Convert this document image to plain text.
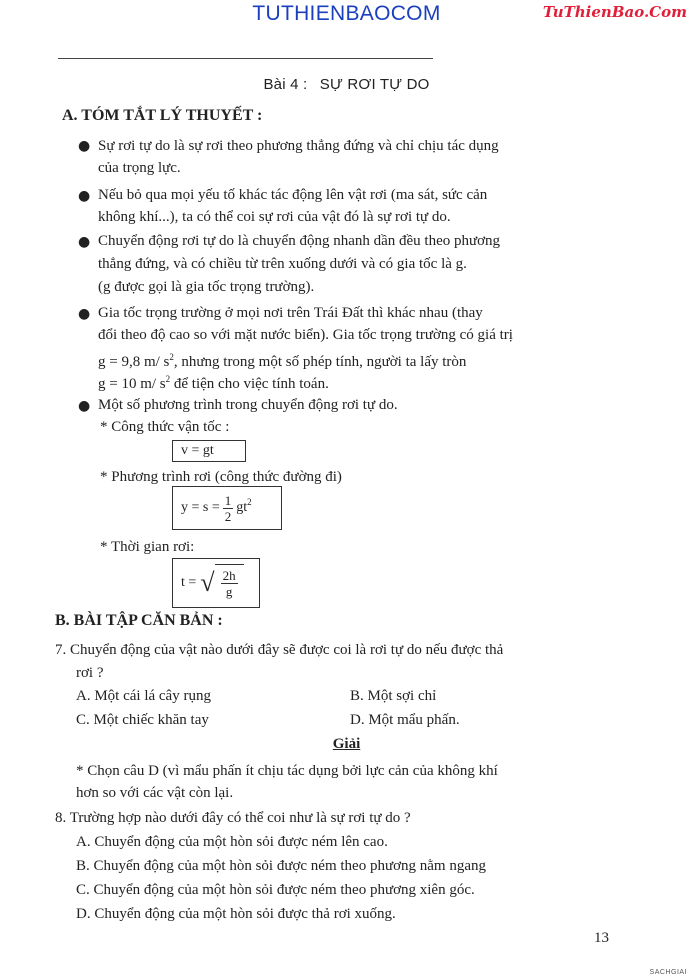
TUTHIENBAOCOM	TuThienBao.Com
Bài 4 : SỰ RƠI TỰ DO
A. TÓM TẮT LÝ THUYẾT :
● Sự rơi tự do là sự rơi theo phương thẳng đứng và chỉ chịu tác dụng
của trọng lực.
● Nếu bỏ qua mọi yếu tố khác tác động lên vật rơi (ma sát, sức cản
không khí...), ta có thể coi sự rơi của vật đó là sự rơi tự do.
● Chuyển động rơi tự do là chuyển động nhanh dần đều theo phương
thẳng đứng, và có chiều từ trên xuống dưới và có gia tốc là g.
(g được gọi là gia tốc trọng trường).
● Gia tốc trọng trường ở mọi nơi trên Trái Đất thì khác nhau (thay
đổi theo độ cao so với mặt nước biển). Gia tốc trọng trường có giá trị
g = 9,8 m/ $s^2$, nhưng trong một số phép tính, người ta lấy tròn
g = 10 m/ $s^2$ để tiện cho việc tính toán.
● Một số phương trình trong chuyển động rơi tự do.
* Công thức vận tốc :
v = gt
* Phương trình rơi (công thức đường đi)
$y = s = \frac{1}{2} gt^2$
* Thời gian rơi:
t = √ $\frac{2h}{g}$
B. BÀI TẬP CĂN BẢN :
7. Chuyển động của vật nào dưới đây sẽ được coi là rơi tự do nếu được thả
rơi ?
A. Một cái lá cây rụng	B. Một sợi chỉ
C. Một chiếc khăn tay	D. Một mẩu phấn.
Giải
* Chọn câu D (vì mẩu phấn ít chịu tác dụng bởi lực cản của không khí
hơn so với các vật còn lại.
8. Trường hợp nào dưới đây có thể coi như là sự rơi tự do ?
A. Chuyển động của một hòn sỏi được ném lên cao.
B. Chuyển động của một hòn sỏi được ném theo phương nằm ngang
C. Chuyển động của một hòn sỏi được ném theo phương xiên góc.
D. Chuyển động của một hòn sỏi được thả rơi xuống.
13
SACHGIAI
